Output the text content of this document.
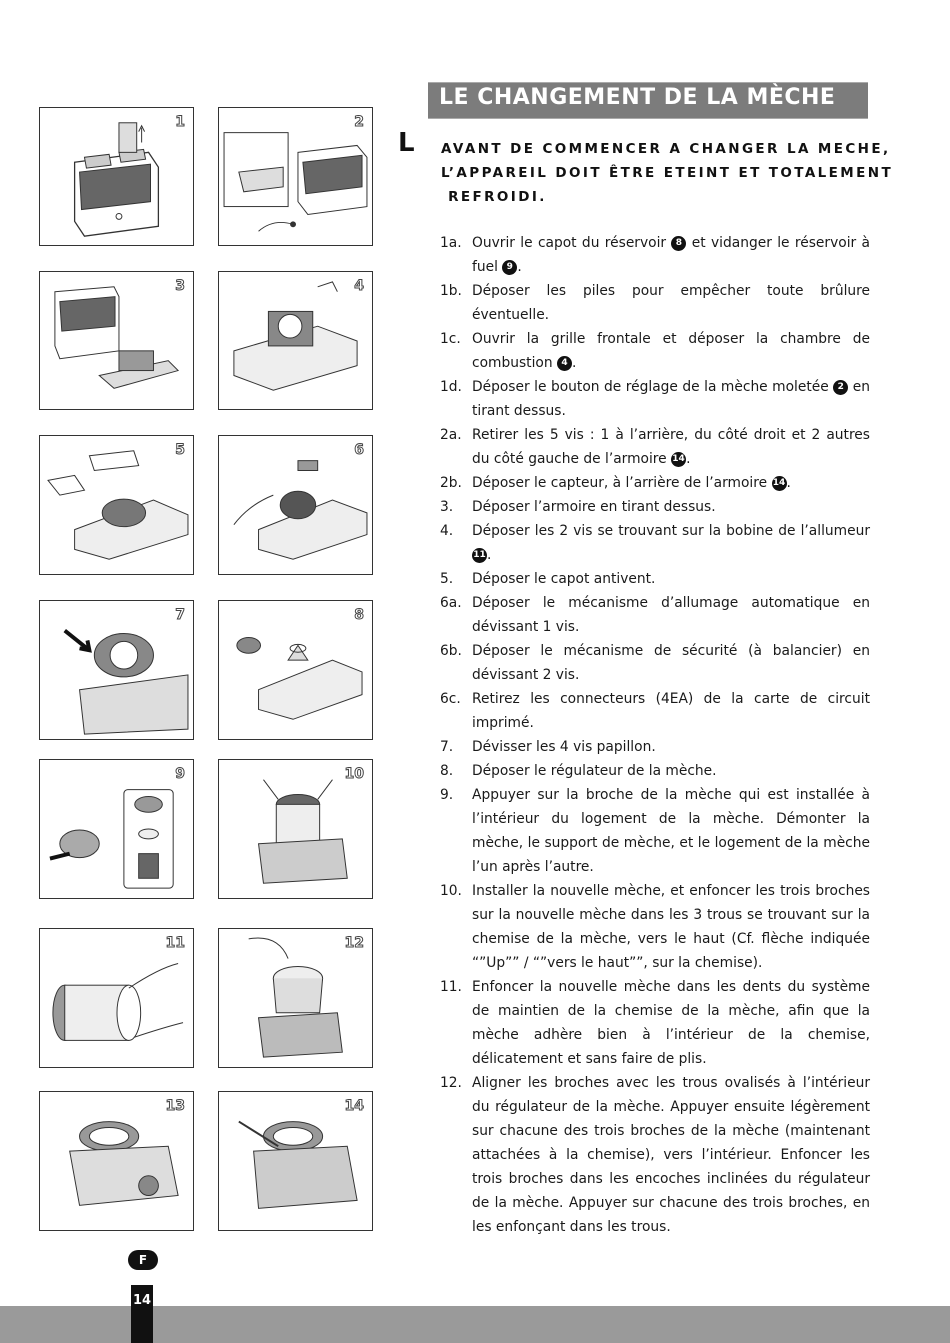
1	2
3	4
5	6
7	8
9	10
11	12
13	14
LE CHANGEMENT DE LA MÈCHE
L AVANT DE COMMENCER A CHANGER LA MECHE,
L’APPAREIL DOIT ÊTRE ETEINT ET TOTALEMENT
REFROIDI.
1a. Ouvrir le capot du réservoir 8 et vidanger le réservoir à fuel 9 .
1b. Déposer les piles pour empêcher toute brûlure éventuelle.
1c. Ouvrir la grille frontale et déposer la chambre de combustion 4 .
1d. Déposer le bouton de réglage de la mèche moletée 2 en tirant dessus.
2a. Retirer les 5 vis : 1 à l’arrière, du côté droit et 2 autres du côté gauche de l’armoire 14.
2b. Déposer le capteur, à l’arrière de l’armoire 14.
3.	Déposer l’armoire en tirant dessus.
4.	Déposer les 2 vis se trouvant sur la bobine de l’allumeur 11.
5.	Déposer le capot antivent.
6a. Déposer le mécanisme d’allumage automatique en dévissant 1 vis.
6b. Déposer le mécanisme de sécurité (à balancier) en dévissant 2 vis.
6c. Retirez les connecteurs (4EA) de la carte de circuit imprimé.
7.	Dévisser les 4 vis papillon.
8.	Déposer le régulateur de la mèche.
9.	Appuyer sur la broche de la mèche qui est installée à l’intérieur du logement de la mèche. Démonter la mèche, le support de mèche, et le logement de la mèche l’un après l’autre.
10. Installer la nouvelle mèche, et enfoncer les trois broches sur la nouvelle mèche dans les 3 trous se trouvant sur la chemise de la mèche, vers le haut (Cf. flèche indiquée “”Up”” / “”vers le haut””, sur la chemise).
11. Enfoncer la nouvelle mèche dans les dents du système de maintien de la chemise de la mèche, afin que la mèche adhère bien à l’intérieur de la chemise, délicatement et sans faire de plis.
12. Aligner les broches avec les trous ovalisés à l’intérieur du régulateur de la mèche. Appuyer ensuite légèrement sur chacune des trois broches de la mèche (maintenant attachées à la chemise), vers l’intérieur. Enfoncer les trois broches dans les encoches inclinées du régulateur de la mèche. Appuyer sur chacune des trois broches, en les enfonçant dans les trous.
F
14
